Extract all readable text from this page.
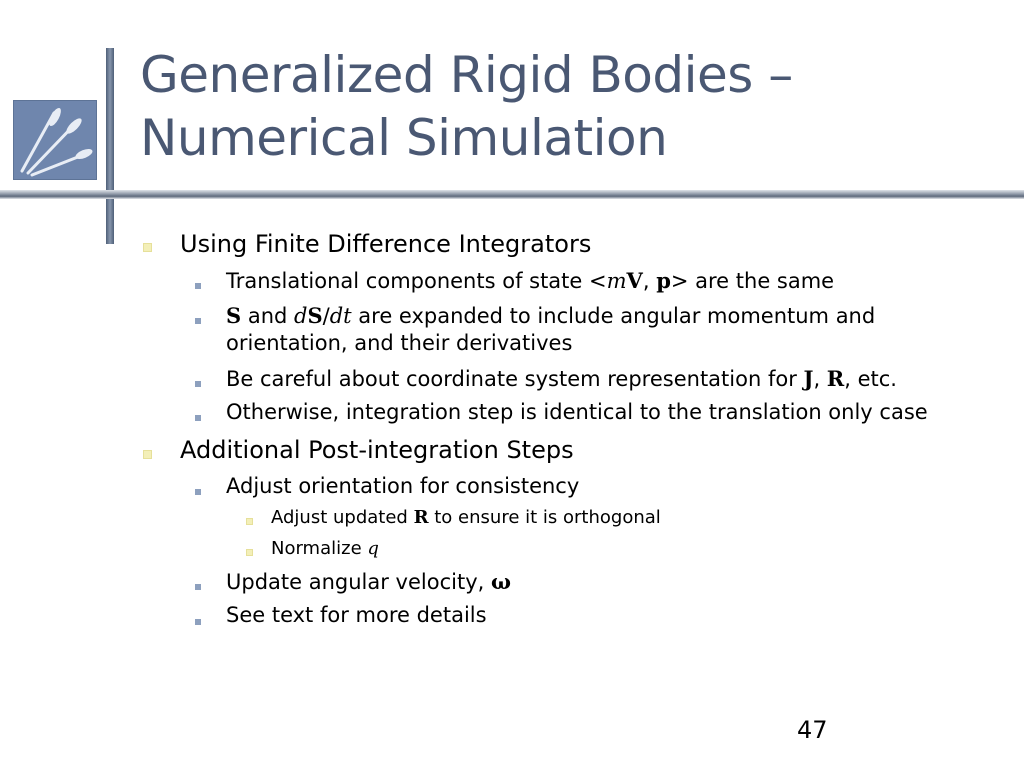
Generalized Rigid Bodies –
Numerical Simulation
Using Finite Difference Integrators
Translational components of state <mV, p> are the same
S and dS/dt are expanded to include angular momentum and
orientation, and their derivatives
Be careful about coordinate system representation for J, R, etc.
Otherwise, integration step is identical to the translation only case
Additional Post-integration Steps
Adjust orientation for consistency
Adjust updated R to ensure it is orthogonal
Normalize q
Update angular velocity, ω
See text for more details
47
